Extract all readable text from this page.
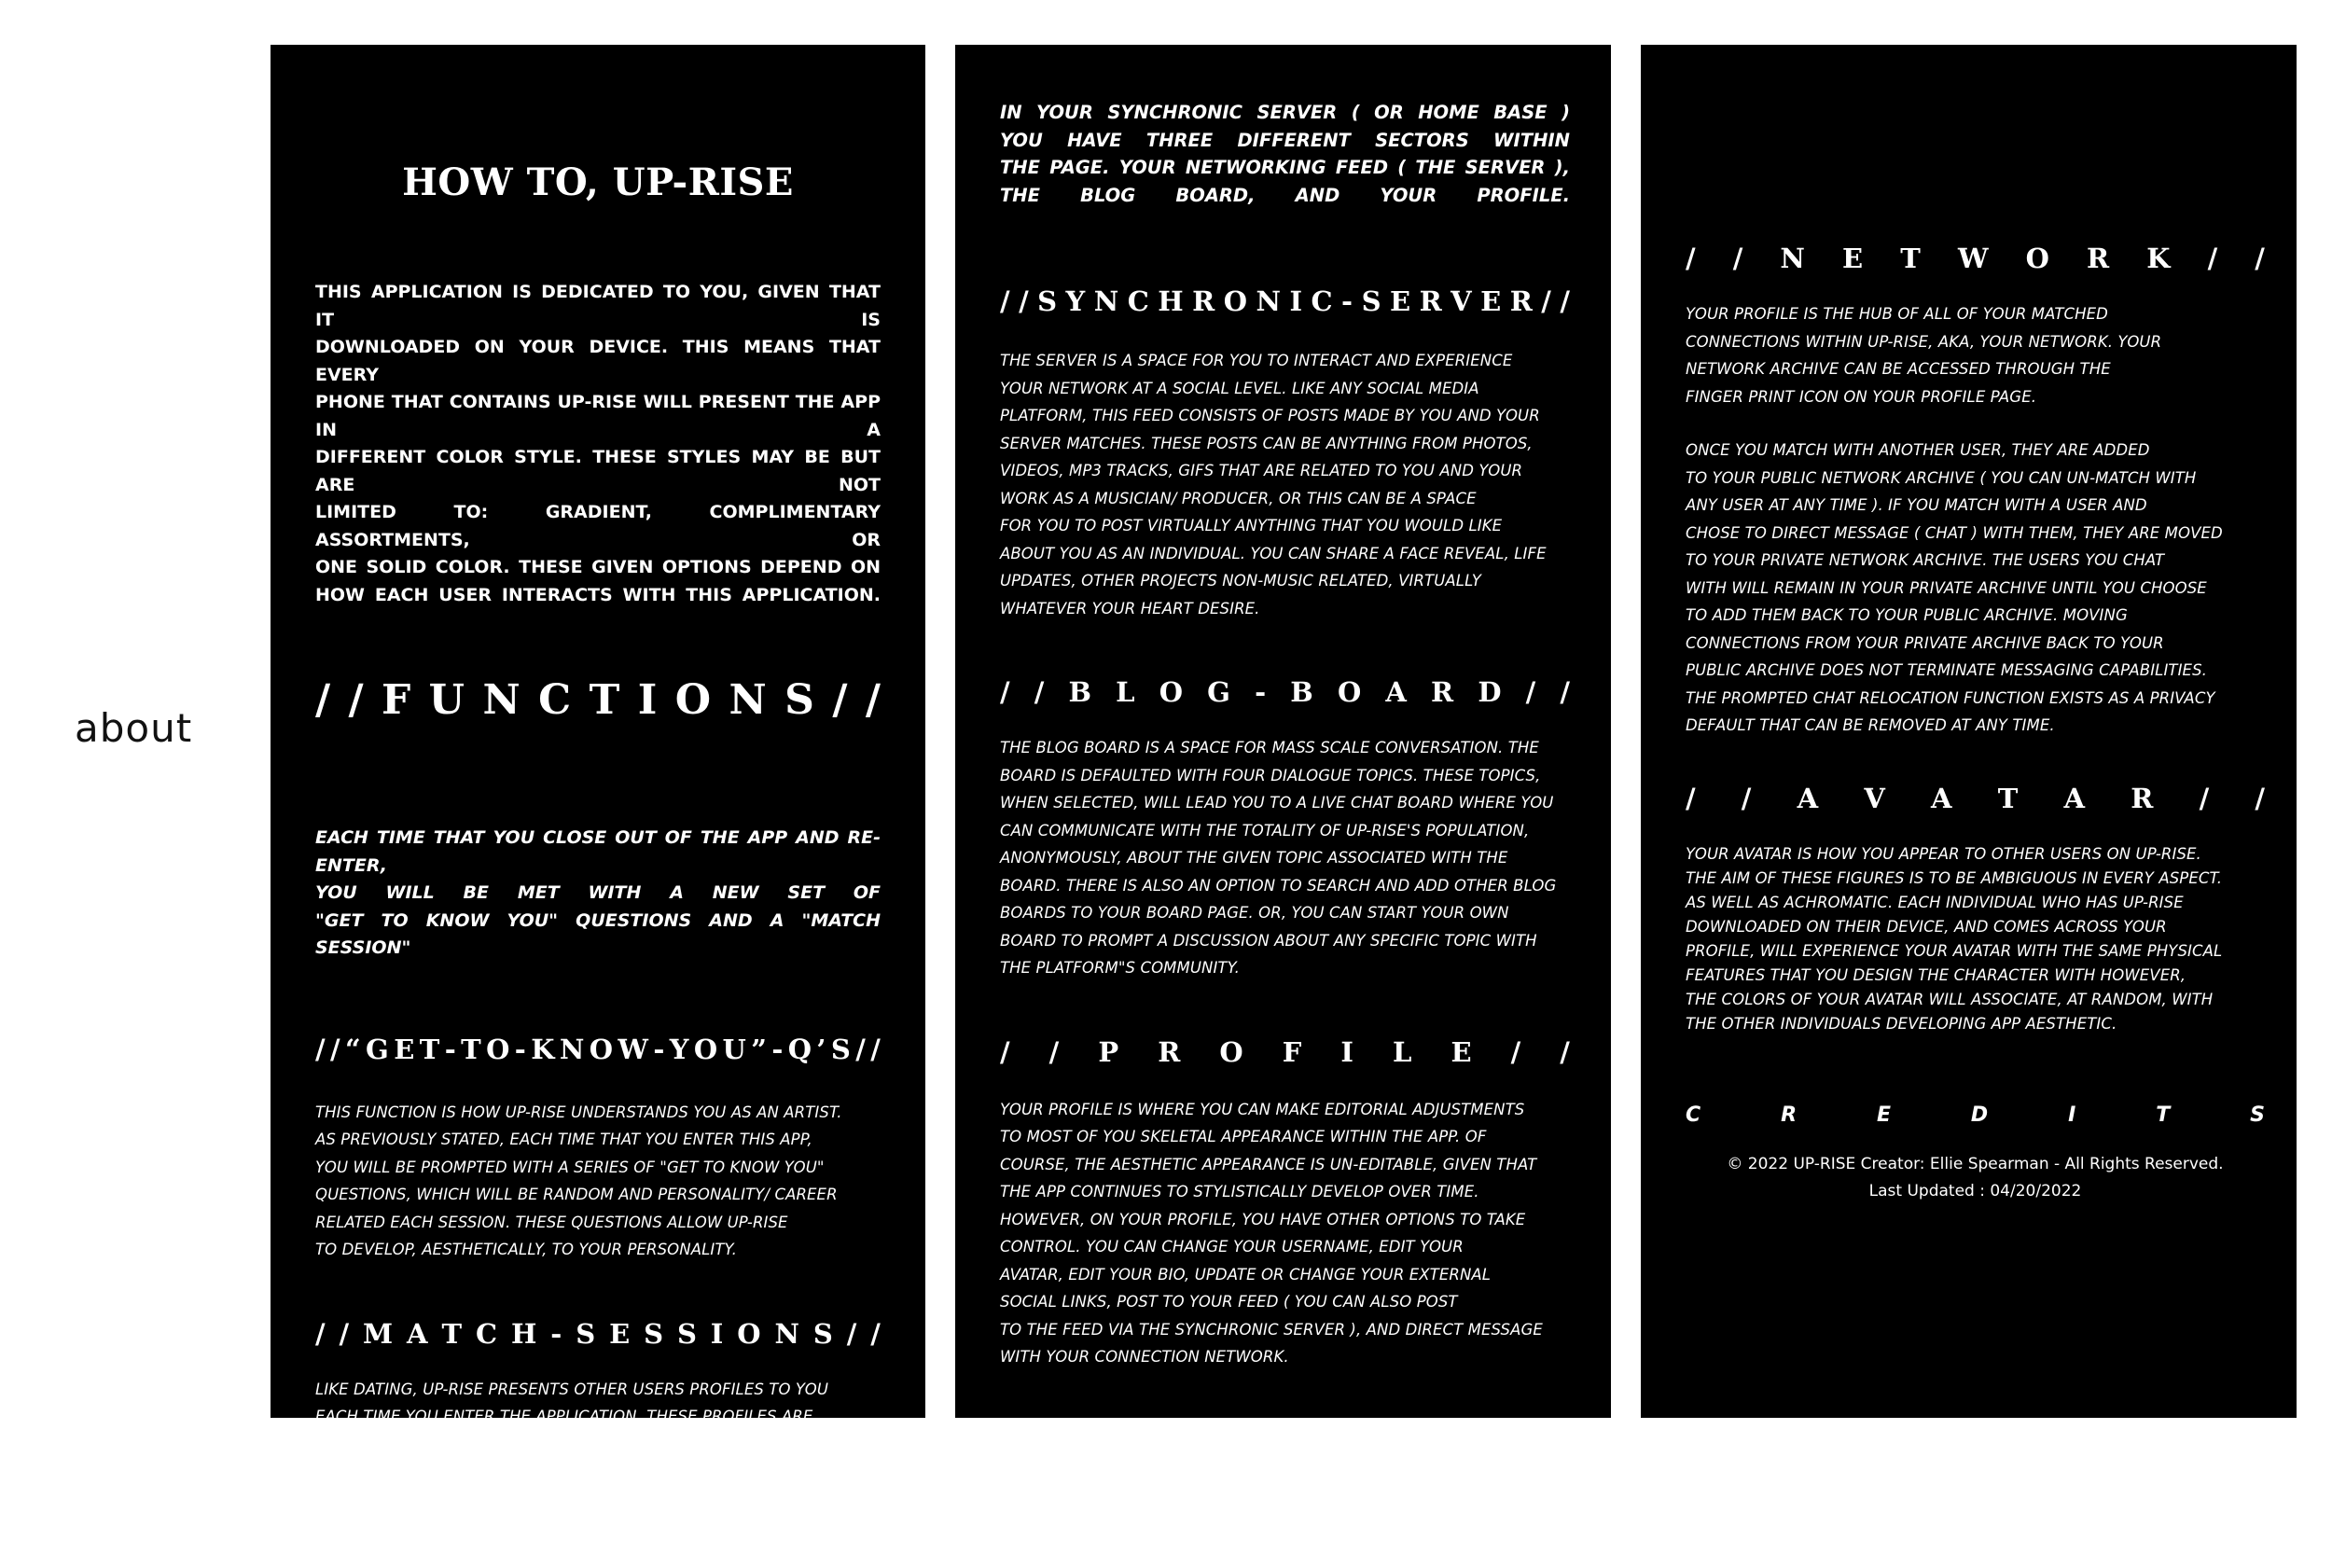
about
HOW TO, UP-RISE
THIS APPLICATION IS DEDICATED TO YOU, GIVEN THAT IT IS
DOWNLOADED ON YOUR DEVICE. THIS MEANS THAT EVERY
PHONE THAT CONTAINS UP-RISE WILL PRESENT THE APP IN A
DIFFERENT COLOR STYLE. THESE STYLES MAY BE BUT ARE NOT
LIMITED TO: GRADIENT, COMPLIMENTARY ASSORTMENTS, OR
ONE SOLID COLOR. THESE GIVEN OPTIONS DEPEND ON
HOW EACH USER INTERACTS WITH THIS APPLICATION.
/ / F U N C T I O N S / /
EACH TIME THAT YOU CLOSE OUT OF THE APP AND RE-ENTER,
YOU WILL BE MET WITH A NEW SET OF
"GET TO KNOW YOU" QUESTIONS AND A "MATCH SESSION"
/ / “ G E T - T O - K N O W - Y O U ” - Q ’ S / /
THIS FUNCTION IS HOW UP-RISE UNDERSTANDS YOU AS AN ARTIST.
AS PREVIOUSLY STATED, EACH TIME THAT YOU ENTER THIS APP,
YOU WILL BE PROMPTED WITH A SERIES OF "GET TO KNOW YOU"
QUESTIONS, WHICH WILL BE RANDOM AND PERSONALITY/ CAREER
RELATED EACH SESSION. THESE QUESTIONS ALLOW UP-RISE
TO DEVELOP, AESTHETICALLY, TO YOUR PERSONALITY.
/ / M A T C H - S E S S I O N S / /
LIKE DATING, UP-RISE PRESENTS OTHER USERS PROFILES TO YOU
EACH TIME YOU ENTER THE APPLICATION. THESE PROFILES ARE
CHOSEN THROUGH AN ALGORITHMIC PROCESS, WHICH CORRELATES
TO HOW HIGH YOUR COMPATIBILITY PERCENTAGE IS WITH THE
OTHER USER'S PROFILE. THE COMPATIBILITY SCORES ARE DETERMINED
BY HOW BOTH USERS RESPOND TO EACH OF THE "GET TO KNOW
YOU" QUESTIONS.
IN YOUR SYNCHRONIC SERVER ( OR HOME BASE )
YOU HAVE THREE DIFFERENT SECTORS WITHIN
THE PAGE. YOUR NETWORKING FEED ( THE SERVER ),
THE BLOG BOARD, AND YOUR PROFILE.
/ / S Y N C H R O N I C - S E R V E R / /
THE SERVER IS A SPACE FOR YOU TO INTERACT AND EXPERIENCE
YOUR NETWORK AT A SOCIAL LEVEL. LIKE ANY SOCIAL MEDIA
PLATFORM, THIS FEED CONSISTS OF POSTS MADE BY YOU AND YOUR
SERVER MATCHES. THESE POSTS CAN BE ANYTHING FROM PHOTOS,
VIDEOS, MP3 TRACKS, GIFS THAT ARE RELATED TO YOU AND YOUR
WORK AS A MUSICIAN/ PRODUCER, OR THIS CAN BE A SPACE
FOR YOU TO POST VIRTUALLY ANYTHING THAT YOU WOULD LIKE
ABOUT YOU AS AN INDIVIDUAL. YOU CAN SHARE A FACE REVEAL, LIFE
UPDATES, OTHER PROJECTS NON-MUSIC RELATED, VIRTUALLY
WHATEVER YOUR HEART DESIRE.
/ / B L O G - B O A R D / /
THE BLOG BOARD IS A SPACE FOR MASS SCALE CONVERSATION. THE
BOARD IS DEFAULTED WITH FOUR DIALOGUE TOPICS. THESE TOPICS,
WHEN SELECTED, WILL LEAD YOU TO A LIVE CHAT BOARD WHERE YOU
CAN COMMUNICATE WITH THE TOTALITY OF UP-RISE'S POPULATION,
ANONYMOUSLY, ABOUT THE GIVEN TOPIC ASSOCIATED WITH THE
BOARD. THERE IS ALSO AN OPTION TO SEARCH AND ADD OTHER BLOG
BOARDS TO YOUR BOARD PAGE. OR, YOU CAN START YOUR OWN
BOARD TO PROMPT A DISCUSSION ABOUT ANY SPECIFIC TOPIC WITH
THE PLATFORM"S COMMUNITY.
/ / P R O F I L E / /
YOUR PROFILE IS WHERE YOU CAN MAKE EDITORIAL ADJUSTMENTS
TO MOST OF YOU SKELETAL APPEARANCE WITHIN THE APP. OF
COURSE, THE AESTHETIC APPEARANCE IS UN-EDITABLE, GIVEN THAT
THE APP CONTINUES TO STYLISTICALLY DEVELOP OVER TIME.
HOWEVER, ON YOUR PROFILE, YOU HAVE OTHER OPTIONS TO TAKE
CONTROL. YOU CAN CHANGE YOUR USERNAME, EDIT YOUR
AVATAR, EDIT YOUR BIO, UPDATE OR CHANGE YOUR EXTERNAL
SOCIAL LINKS, POST TO YOUR FEED ( YOU CAN ALSO POST
TO THE FEED VIA THE SYNCHRONIC SERVER ), AND DIRECT MESSAGE
WITH YOUR CONNECTION NETWORK.
/ / N E T W O R K / /
YOUR PROFILE IS THE HUB OF ALL OF YOUR MATCHED
CONNECTIONS WITHIN UP-RISE, AKA, YOUR NETWORK. YOUR
NETWORK ARCHIVE CAN BE ACCESSED THROUGH THE
FINGER PRINT ICON ON YOUR PROFILE PAGE.
ONCE YOU MATCH WITH ANOTHER USER, THEY ARE ADDED
TO YOUR PUBLIC NETWORK ARCHIVE ( YOU CAN UN-MATCH WITH
ANY USER AT ANY TIME ). IF YOU MATCH WITH A USER AND
CHOSE TO DIRECT MESSAGE ( CHAT ) WITH THEM, THEY ARE MOVED
TO YOUR PRIVATE NETWORK ARCHIVE. THE USERS YOU CHAT
WITH WILL REMAIN IN YOUR PRIVATE ARCHIVE UNTIL YOU CHOOSE
TO ADD THEM BACK TO YOUR PUBLIC ARCHIVE. MOVING
CONNECTIONS FROM YOUR PRIVATE ARCHIVE BACK TO YOUR
PUBLIC ARCHIVE DOES NOT TERMINATE MESSAGING CAPABILITIES.
THE PROMPTED CHAT RELOCATION FUNCTION EXISTS AS A PRIVACY
DEFAULT THAT CAN BE REMOVED AT ANY TIME.
/ / A V A T A R / /
YOUR AVATAR IS HOW YOU APPEAR TO OTHER USERS ON UP-RISE.
THE AIM OF THESE FIGURES IS TO BE AMBIGUOUS IN EVERY ASPECT.
AS WELL AS ACHROMATIC. EACH INDIVIDUAL WHO HAS UP-RISE
DOWNLOADED ON THEIR DEVICE, AND COMES ACROSS YOUR
PROFILE, WILL EXPERIENCE YOUR AVATAR WITH THE SAME PHYSICAL
FEATURES THAT YOU DESIGN THE CHARACTER WITH HOWEVER,
THE COLORS OF YOUR AVATAR WILL ASSOCIATE, AT RANDOM, WITH
THE OTHER INDIVIDUALS DEVELOPING APP AESTHETIC.
C	R	E	D	I	T	S

© 2022 UP-RISE Creator: Ellie Spearman - All Rights Reserved.

Last Updated : 04/20/2022
